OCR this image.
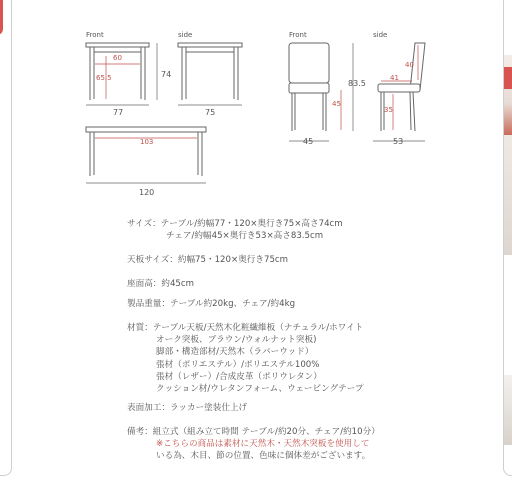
Front
60
65.5	74
77
side
75
103
120
Front
45
83.5
45
side
40
41
35
53
サイズ：テーブル/約幅77・120×奥行き75×高さ74cm
チェア/約幅45×奥行き53×高さ83.5cm
天板サイズ：約幅75・120×奥行き75cm
座面高：約45cm
製品重量：テーブル約20kg、チェア/約4kg
材質：テーブル天板/天然木化粧繊維板（ナチュラル/ホワイト
オーク突板、ブラウン/ウォルナット突板)
脚部・構造部材/天然木（ラバーウッド）
張材（ポリエステル）/ポリエステル100%
張材（レザー）/合成皮革（ポリウレタン）
クッション材/ウレタンフォーム、ウェービングテープ
表面加工：ラッカー塗装仕上げ
備考：組立式（組み立て時間 テーブル/約20分、チェア/約10分）
※こちらの商品は素材に天然木・天然木突板を使用して
いる為、木目、節の位置、色味に個体差がございます。
